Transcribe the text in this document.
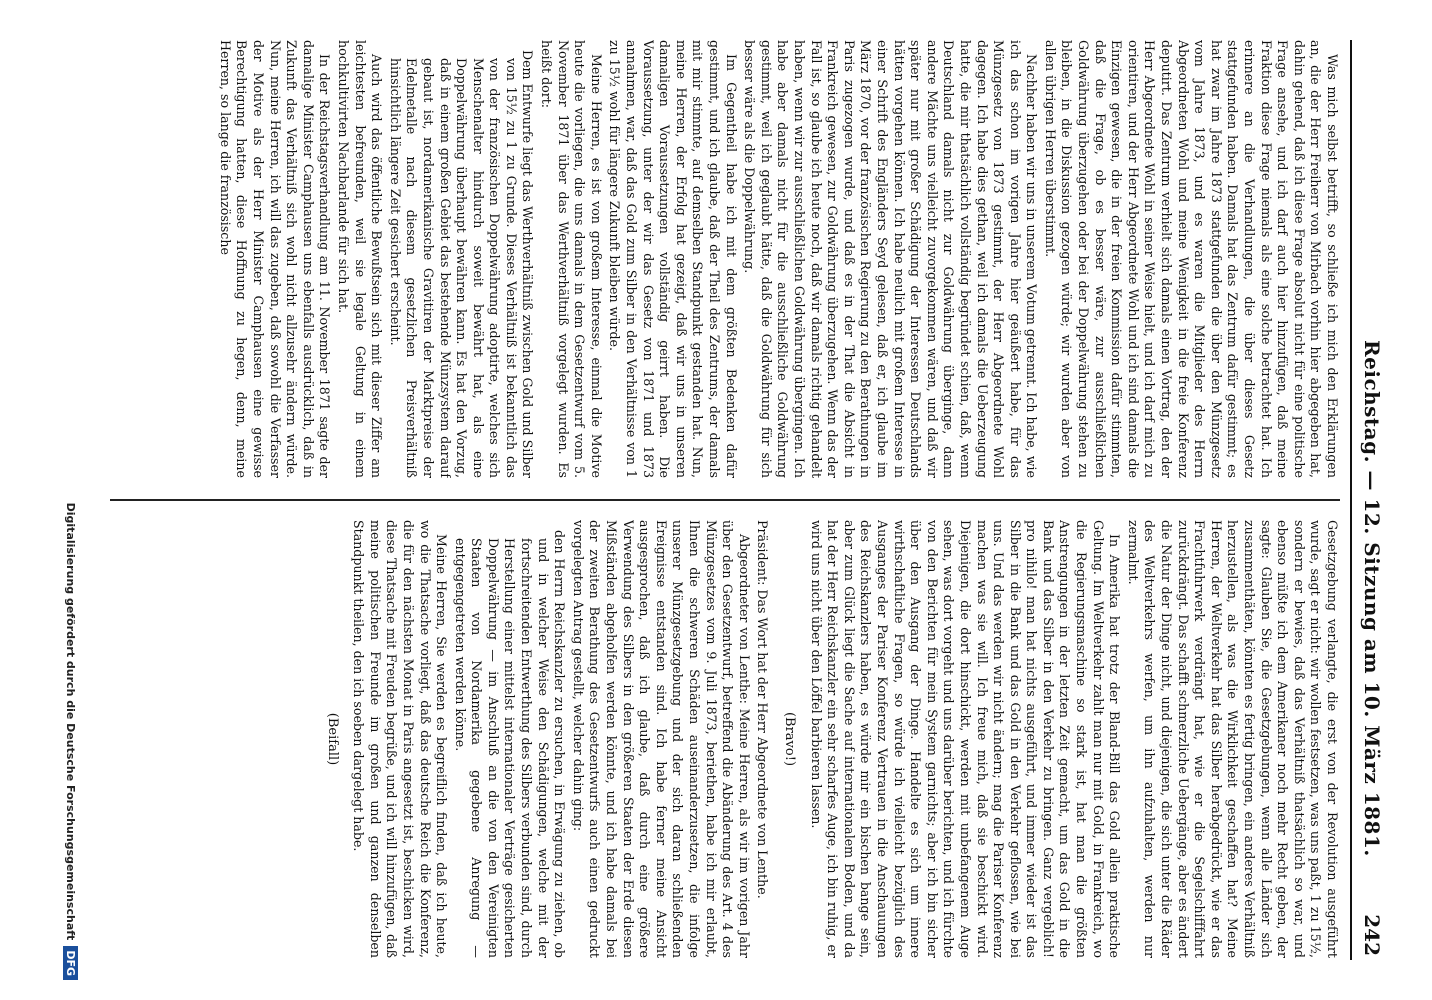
Reichstag. — 12. Sitzung am 10. März 1881.
242

Was mich selbst betrifft, so schließe ich mich den Erklärungen an, die der Herr Freiherr von Mirbach vorhin hier abgegeben hat, dahin gehend, daß ich diese Frage absolut nicht für eine politische Frage ansehe, und ich darf auch hier hinzufügen, daß meine Fraktion diese Frage niemals als eine solche betrachtet hat. Ich erinnere an die Verhandlungen, die über dieses Gesetz stattgefunden haben. Damals hat das Zentrum dafür gestimmt; es hat zwar im Jahre 1873 stattgefunden die über den Münzgesetz vom Jahre 1873, und es waren die Mitglieder des Herrn Abgeordneten Wohl und meine Wenigkeit in die freie Konferenz deputirt. Das Zentrum verhielt sich damals einen Vortrag, den der Herr Abgeordnete Wohl in seiner Weise hielt, und ich darf mich zu orientiren, und der Herr Abgeordnete Wohl und ich sind damals die Einzigen gewesen, die in der freien Kommission dafür stimmten, daß die Frage, ob es besser wäre, zur ausschließlichen Goldwährung überzugehen oder bei der Doppelwährung stehen zu bleiben, in die Diskussion gezogen würde; wir wurden aber von allen übrigen Herren überstimmt.

Nachher haben wir uns in unserem Votum getrennt. Ich habe, wie ich das schon im vorigen Jahre hier geäußert habe, für das Münzgesetz von 1873 gestimmt, der Herr Abgeordnete Wohl dagegen. Ich habe dies gethan, weil ich damals die Ueberzeugung hatte, die mir thatsächlich vollständig begründet schien, daß, wenn Deutschland damals nicht zur Goldwährung überginge, dann andere Mächte uns vielleicht zuvorgekommen wären, und daß wir später nur mit großer Schädigung der Interessen Deutschlands hätten vorgehen können. Ich habe neulich mit großem Interesse in einer Schrift des Engländers Seyd gelesen, daß er, ich glaube im März 1870, vor der französischen Regierung zu den Berathungen in Paris zugezogen wurde, und daß es in der That die Absicht in Frankreich gewesen, zur Goldwährung überzugehen. Wenn das der Fall ist, so glaube ich heute noch, daß wir damals richtig gehandelt haben, wenn wir zur ausschließlichen Goldwährung übergingen. Ich habe aber damals nicht für die ausschließliche Goldwährung gestimmt, weil ich geglaubt hätte, daß die Goldwährung für sich besser wäre als die Doppelwährung.

Im Gegentheil habe ich mit dem größten Bedenken dafür gestimmt, und ich glaube, daß der Theil des Zentrums, der damals mit mir stimmte, auf demselben Standpunkt gestanden hat. Nun, meine Herren, der Erfolg hat gezeigt, daß wir uns in unseren damaligen Voraussetzungen vollständig geirrt haben. Die Voraussetzung, unter der wir das Gesetz von 1871 und 1873 annahmen, war, daß das Gold zum Silber in den Verhältnisse von 1 zu 15½ wohl für längere Zukunft bleiben würde.

Meine Herren, es ist von großem Interesse, einmal die Motive heute die vorliegen, die uns damals in dem Gesetzentwurf vom 5. November 1871 über das Werthverhältniß vorgelegt wurden. Es heißt dort:

Dem Entwurfe liegt das Werthverhältniß zwischen Gold und Silber von 15½ zu 1 zu Grunde. Dieses Verhältniß ist bekanntlich das von der französischen Doppelwährung adoptirte, welches sich Menschenalter hindurch soweit bewährt hat, als eine Doppelwährung überhaupt bewähren kann. Es hat den Vorzug, daß in einem großen Gebiet das bestehende Münzsystem darauf gebaut ist, nordamerikanische Gravitiren der Marktpreise der Edelmetalle nach diesem gesetzlichen Preisverhältniß hinsichtlich längere Zeit gesichert erscheint.

Auch wird das öffentliche Bewußtsein sich mit dieser Ziffer am leichtesten befreunden, weil sie legale Geltung in einem hochkultivirten Nachbarlande für sich hat.

In der Reichstagsverhandlung am 11. November 1871 sagte der damalige Minister Camphausen uns ebenfalls ausdrücklich, daß in Zukunft das Verhältniß sich wohl nicht allzusehr ändern würde. Nun, meine Herren, ich will das zugeben, daß sowohl die Verfasser der Motive als der Herr Minister Camphausen eine gewisse Berechtigung hatten, diese Hoffnung zu hegen, denn, meine Herren, so lange die französische

Gesetzgebung verlangte, die erst von der Revolution ausgeführt wurde, sagt er nicht: wir wollen festsetzen, was uns paßt, 1 zu 15½, sondern er bewies, daß das Verhältniß thatsächlich so war, und ebenso müßte ich dem Amerikaner noch mehr Recht geben, der sagte: Glauben Sie, die Gesetzgebungen, wenn alle Länder sich zusammenthäten, könnten es fertig bringen, ein anderes Verhältniß herzustellen, als was die Wirklichkeit geschaffen hat? Meine Herren, der Weltverkehr hat das Silber herabgedrückt, wie er das Frachtfuhrwerk verdrängt hat, wie er die Segelschifffahrt zurückdrängt. Das schafft schmerzliche Uebergänge, aber es ändert die Natur der Dinge nicht, und diejenigen, die sich unter die Räder des Weltverkehrs werfen, um ihn aufzuhalten, werden nur zermalmt.

In Amerika hat trotz der Bland-Bill das Gold allein praktische Geltung. Im Weltverkehr zahlt man nur mit Gold, in Frankreich, wo die Regierungsmaschine so stark ist, hat man die größten Anstrengungen in der letzten Zeit gemacht, um das Gold in die Bank und das Silber in den Verkehr zu bringen. Ganz vergeblich! pro nihilo! man hat nichts ausgeführt, und immer wieder ist das Silber in die Bank und das Gold in den Verkehr geflossen, wie bei uns. Und das werden wir nicht ändern; mag die Pariser Konferenz machen was sie will. Ich freue mich, daß sie beschickt wird. Diejenigen, die dort hinschickt, werden mit unbefangenem Auge sehen, was dort vorgeht und uns darüber berichten, und ich fürchte von den Berichten für mein System garnichts; aber ich bin sicher über den Ausgang der Dinge. Handelte es sich um innere wirthschaftliche Fragen, so würde ich vielleicht bezüglich des Ausganges der Pariser Konferenz Vertrauen in die Anschauungen des Reichskanzlers haben, es würde mir ein bischen bange sein, aber zum Glück liegt die Sache auf internationalem Boden, und da hat der Herr Reichskanzler ein sehr scharfes Auge, ich bin ruhig, er wird uns nicht über den Löffel barbieren lassen.

(Bravo!)

Präsident: Das Wort hat der Herr Abgeordnete von Lenthe.

Abgeordneter von Lenthe: Meine Herren, als wir im vorigen Jahr über den Gesetzentwurf, betreffend die Abänderung des Art. 4 des Münzgesetzes vom 9. Juli 1873, beriethen, habe ich mir erlaubt, Ihnen die schweren Schäden auseinanderzusetzen, die infolge unserer Münzgesetzgebung und der sich daran schließenden Ereignisse entstanden sind. Ich habe ferner meine Ansicht ausgesprochen, daß ich glaube, daß durch eine größere Verwendung des Silbers in den größeren Staaten der Erde diesen Mißständen abgeholfen werden könnte, und ich habe damals bei der zweiten Berathung des Gesetzentwurfs auch einen gedruckt vorgelegten Antrag gestellt, welcher dahin ging:

den Herrn Reichskanzler zu ersuchen, in Erwägung zu ziehen, ob und in welcher Weise den Schädigungen, welche mit der fortschreitenden Entwerthung des Silbers verbunden sind, durch Herstellung einer mittelst internationaler Verträge gesicherten Doppelwährung — im Anschluß an die von den Vereinigten Staaten von Nordamerika gegebene Anregung — entgegengetreten werden könne.

Meine Herren, Sie werden es begreiflich finden, daß ich heute, wo die Thatsache vorliegt, daß das deutsche Reich die Konferenz, die für den nächsten Monat in Paris angesetzt ist, beschicken wird, diese Thatsache mit Freuden begrüße, und ich will hinzufügen, daß meine politischen Freunde im großen und ganzen denselben Standpunkt theilen, den ich soeben dargelegt habe.

(Beifall)

Digitalisierung gefördert durch die Deutsche ForschungsgemeinschaftDFG
